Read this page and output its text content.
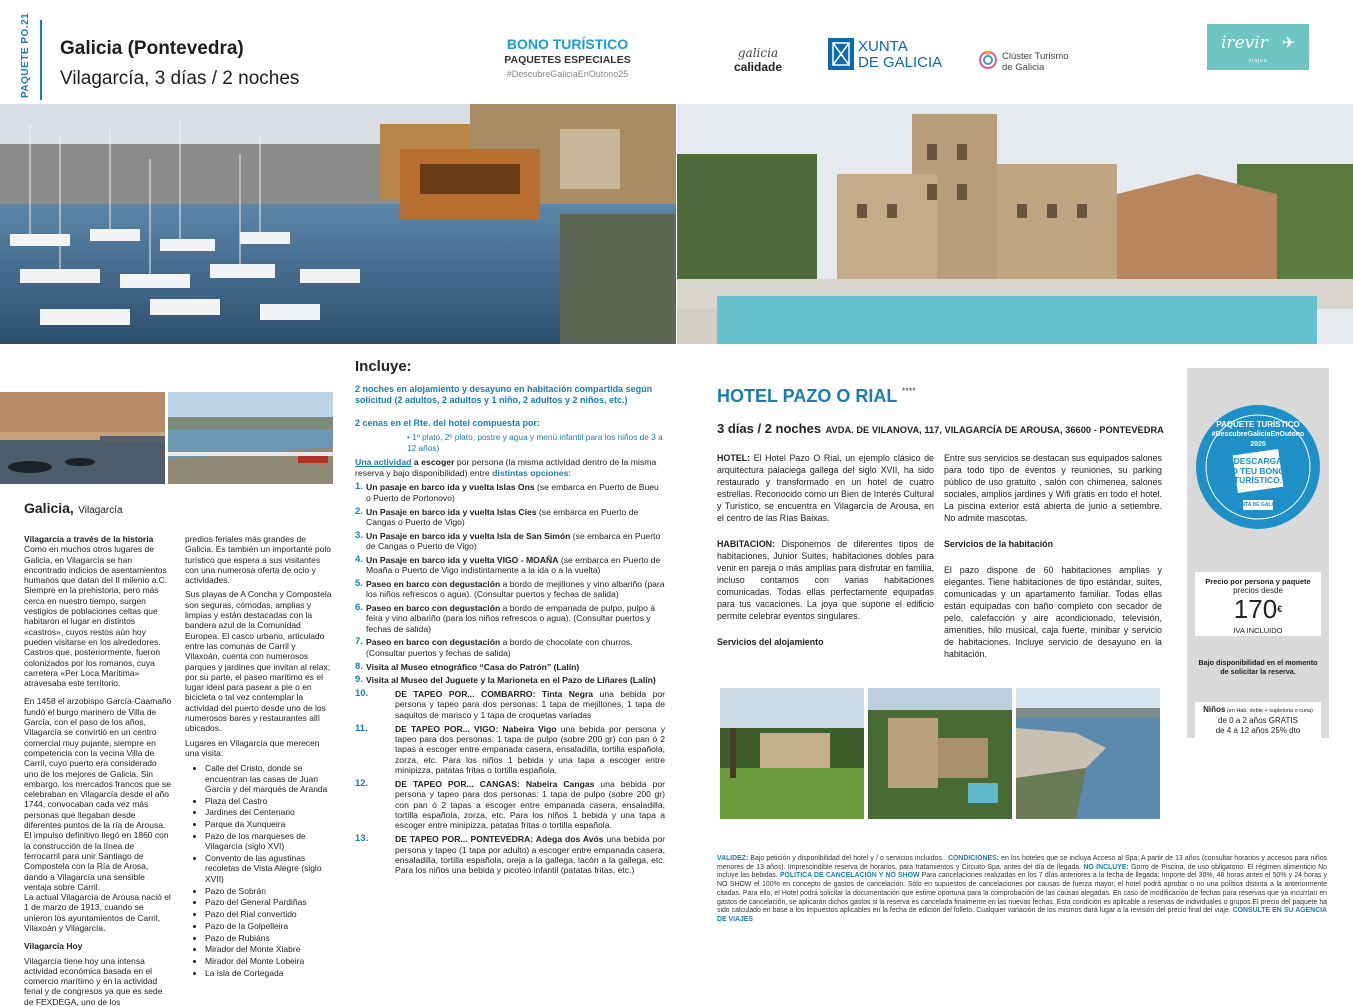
PAQUETE PO.21 Galicia (Pontevedra)
Vilagarcía, 3 días / 2 noches
BONO TURÍSTICO
PAQUETES ESPECIALES
#DescubreGaliciaEnOutono25
galicia
calidade
XUNTA
DE GALICIA	Clúster Turismo
de Galicia
irevir ✈
viajes
Galicia, Vilagarcía
Vilagarcía a través de la historia
Como en muchos otros lugares de Galicia, en Vilagarcía se han encontrado indicios de asentamientos humanos que datan del II milenio a.C. Siempre en la prehistoria, pero más cerca en nuestro tiempo, surgen vestigios de poblaciones celtas que habitaron el lugar en distintos «castros», cuyos restos aún hoy pueden visitarse en los alrededores. Castros que, posteriormente, fueron colonizados por los romanos, cuya carretera «Per Loca Marítima» atravesaba este territorio.
En 1458 el arzobispo García-Caamaño fundó el burgo marinero de Villa de García, con el paso de los años, Vilagarcía se convirtió en un centro comercial muy pujante, siempre en competencia con la vecina Villa de Carril, cuyo puerto era considerado uno de los mejores de Galicia. Sin embargo, los mercados francos que se celebraban en Vilagarcía desde el año 1744, convocaban cada vez más personas que llegaban desde diferentes puntos de la ría de Arousa. El impulso definitivo llegó en 1860 con la construcción de la línea de ferrocarril para unir Santiago de Compostela con la Ría de Arosa, dando a Vilagarcía una sensible ventaja sobre Carril.
La actual Vilagarcía de Arousa nació el 1 de marzo de 1913, cuando se unieron los ayuntamientos de Carril, Vilaxoán y Vilagarcía.
Vilagarcía Hoy
Vilagarcía tiene hoy una intensa actividad económica basada en el comercio marítimo y en la actividad ferial y de congresos ya que es sede de FEXDEGA, uno de los
predios feriales más grandes de Galicia. Es también un importante polo turístico que espera a sus visitantes con una numerosa oferta de ocio y actividades.
Sus playas de A Concha y Compostela son seguras, cómodas, amplias y limpias y están destacadas con la bandera azul de la Comunidad Europea. El casco urbano, articulado entre las comunas de Carril y Vilaxoán, cuenta con numerosos parques y jardines que invitan al relax; por su parte, el paseo marítimo es el lugar ideal para pasear a pie o en bicicleta o tal vez contemplar la actividad del puerto desde uno de los numerosos bares y restaurantes allí ubicados.
Lugares en Vilagarcía que merecen una visita:
• Calle del Cristo, donde se encuentran las casas de Juan García y del marqués de Aranda
• Plaza del Castro
• Jardines del Centenario
• Parque da Xunqueira
• Pazo de los marqueses de Vilagarcía (siglo XVI)
• Convento de las agustinas recoletas de Vista Alegre (siglo XVII)
• Pazo de Sobrán
• Pazo del General Pardiñas
• Pazo del Rial convertido
• Pazo de la Golpelleira
• Pazo de Rubiáns
• Mirador del Monte Xiabre
• Mirador del Monte Lobeira
• La isla de Cortegada
Incluye:
2 noches en alojamiento y desayuno en habitación compartida según solicitud (2 adultos, 2 adultos y 1 niño, 2 adultos y 2 niños, etc.)
2 cenas en el Rte. del hotel compuesta por:
• 1º plato, 2º plato, postre y agua y menú infantil para los niños de 3 a 12 años)
Una actividad a escoger por persona (la misma actividad dentro de la misma reserva y bajo disponibilidad) entre distintas opciones:
1. Un pasaje en barco ida y vuelta Islas Ons (se embarca en Puerto de Bueu o Puerto de Portonovo)
2. Un Pasaje en barco ida y vuelta Islas Cíes (se embarca en Puerto de Cangas o Puerto de Vigo)
3. Un Pasaje en barco ida y vuelta Isla de San Simón (se embarca en Puerto de Cangas o Puerto de Vigo)
4. Un Pasaje en barco ida y vuelta VIGO - MOAÑA (se embarca en Puerto de Moaña o Puerto de Vigo indistintamente a la ida o a la vuelta)
5. Paseo en barco con degustación a bordo de mejillones y vino albariño (para los niños refrescos o agua). (Consultar puertos y fechas de salida)
6. Paseo en barco con degustación a bordo de empanada de pulpo, pulpo á feira y vino albariño (para los niños refrescos o agua). (Consultar puertos y fechas de salida)
7. Paseo en barco con degustación a bordo de chocolate con churros. (Consultar puertos y fechas de salida)
8. Visita al Museo etnográfico “Casa do Patrón” (Lalín)
9. Visita al Museo del Juguete y la Marioneta en el Pazo de Liñares (Lalín)
10.	DE TAPEO POR... COMBARRO: Tinta Negra una bebida por persona y tapeo para dos personas: 1 tapa de mejillones, 1 tapa de saquitos de marisco y 1 tapa de croquetas variadas
11.	DE TAPEO POR... VIGO: Nabeira Vigo una bebida por persona y tapeo para dos personas: 1 tapa de pulpo (sobre 200 gr) con pan ó 2 tapas a escoger entre empanada casera, ensaladilla, tortilla española, zorza, etc. Para los niños 1 bebida y una tapa a escoger entre minipizza, patatas fritas o tortilla española.
12.	DE TAPEO POR... CANGAS: Nabeira Cangas una bebida por persona y tapeo para dos personas: 1 tapa de pulpo (sobre 200 gr) con pan ó 2 tapas a escoger entre empanada casera, ensaladilla, tortilla española, zorza, etc. Para los niños 1 bebida y una tapa a escoger entre minipizza, patatas fritas o tortilla española.
13.	DE TAPEO POR... PONTEVEDRA: Adega dos Avós una bebida por persona y tapeo (1 tapa por adulto) a escoger entre empanada casera, ensaladilla, tortilla española, oreja a la gallega, lacón a la gallega, etc. Para los niños una bebida y picoteo infantil (patatas fritas, etc.)
HOTEL PAZO O RIAL ****
3 días / 2 noches AVDA. DE VILANOVA, 117, VILAGARCÍA DE AROUSA, 36600 - PONTEVEDRA
HOTEL: El Hotel Pazo O Rial, un ejemplo clásico de arquitectura palaciega gallega del siglo XVII, ha sido restaurado y transformado en un hotel de cuatro estrellas. Reconocido como un Bien de Interés Cultural y Turístico, se encuentra en Vilagarcía de Arousa, en el centro de las Rías Baixas.
HABITACION: Disponemos de diferentes tipos de habitaciones, Junior Suites, habitaciones dobles para venir en pareja o más amplias para disfrutar en familia, incluso contamos con varias habitaciones comunicadas. Todas ellas perfectamente equipadas para tus vacaciones. La joya que supone el edificio permite celebrar eventos singulares.
Servicios del alojamiento
Entre sus servicios se destacan sus equipados salones para todo tipo de eventos y reuniones, su parking público de uso gratuito , salón con chimenea, salones sociales, amplios jardines y Wifi gratis en todo el hotel. La piscina exterior está abierta de junio a setiembre. No admite mascotas.
Servicios de la habitación
El pazo dispone de 60 habitaciones amplias y elegantes. Tiene habitaciones de tipo estándar, suites, comunicadas y un apartamento familiar. Todas ellas están equipadas con baño completo con secador de pelo, calefacción y aire acondicionado, televisión, amenities, hilo musical, caja fuerte, minibar y servicio de habitaciones. Incluye servicio de desayuno en la habitación.
PAQUETE TURÍSTICO
#DescubreGaliciaEnOutono
2025
DESCARGA
O TEU BONO
TURÍSTICO.
XUNTA DE GALICIA
Precio por persona y paquete
precios desde
170€
IVA INCLUIDO
Bajo disponibilidad en el momento de solicitar la reserva.
Niños (en Hab. doble + supletoria o cuna)
de 0 a 2 años GRATIS
de 4 a 12 años 25% dto
VALIDEZ: Bajo petición y disponibilidad del hotel y / o servicios incluidos . CONDICIONES: en los hoteles que se incluya Acceso al Spa: A partir de 13 años (consultar horarios y accesos para niños menores de 13 años). Imprescindible reserva de horarios, para tratamientos y Circuito Spa, antes del día de llegada. NO INCLUYE: Gorro de Piscina, de uso obligatorio. El régimen alimenticio No incluye las bebidas. POLITICA DE CANCELACIÓN Y NO SHOW Para cancelaciones realizadas en los 7 días anteriores a la fecha de llegada: Importe del 30%, 48 horas antes el 50% y 24 horas y NO SHOW el 100% en concepto de gastos de cancelación. Sólo en supuestos de cancelaciones por causas de fuerza mayor, el hotel podrá aprobar o no una política distinta a la anteriormente citadas. Para ello, el Hotel podrá solicitar la documentación que estime oportuna para la comprobación de las causas alegadas. En caso de modificación de fechas para reservas que ya incurrían en gastos de cancelación, se aplicarán dichos gastos si la reserva es cancelada finalmente en las nuevas fechas. Esta condición es aplicable a reservas de individuales o grupos.El precio del paquete ha sido calculado en base a los impuestos aplicables en la fecha de edición del folleto. Cualquier variación de los mismos dará lugar a la revisión del precio final del viaje. CONSULTE EN SU AGENCIA DE VIAJES
